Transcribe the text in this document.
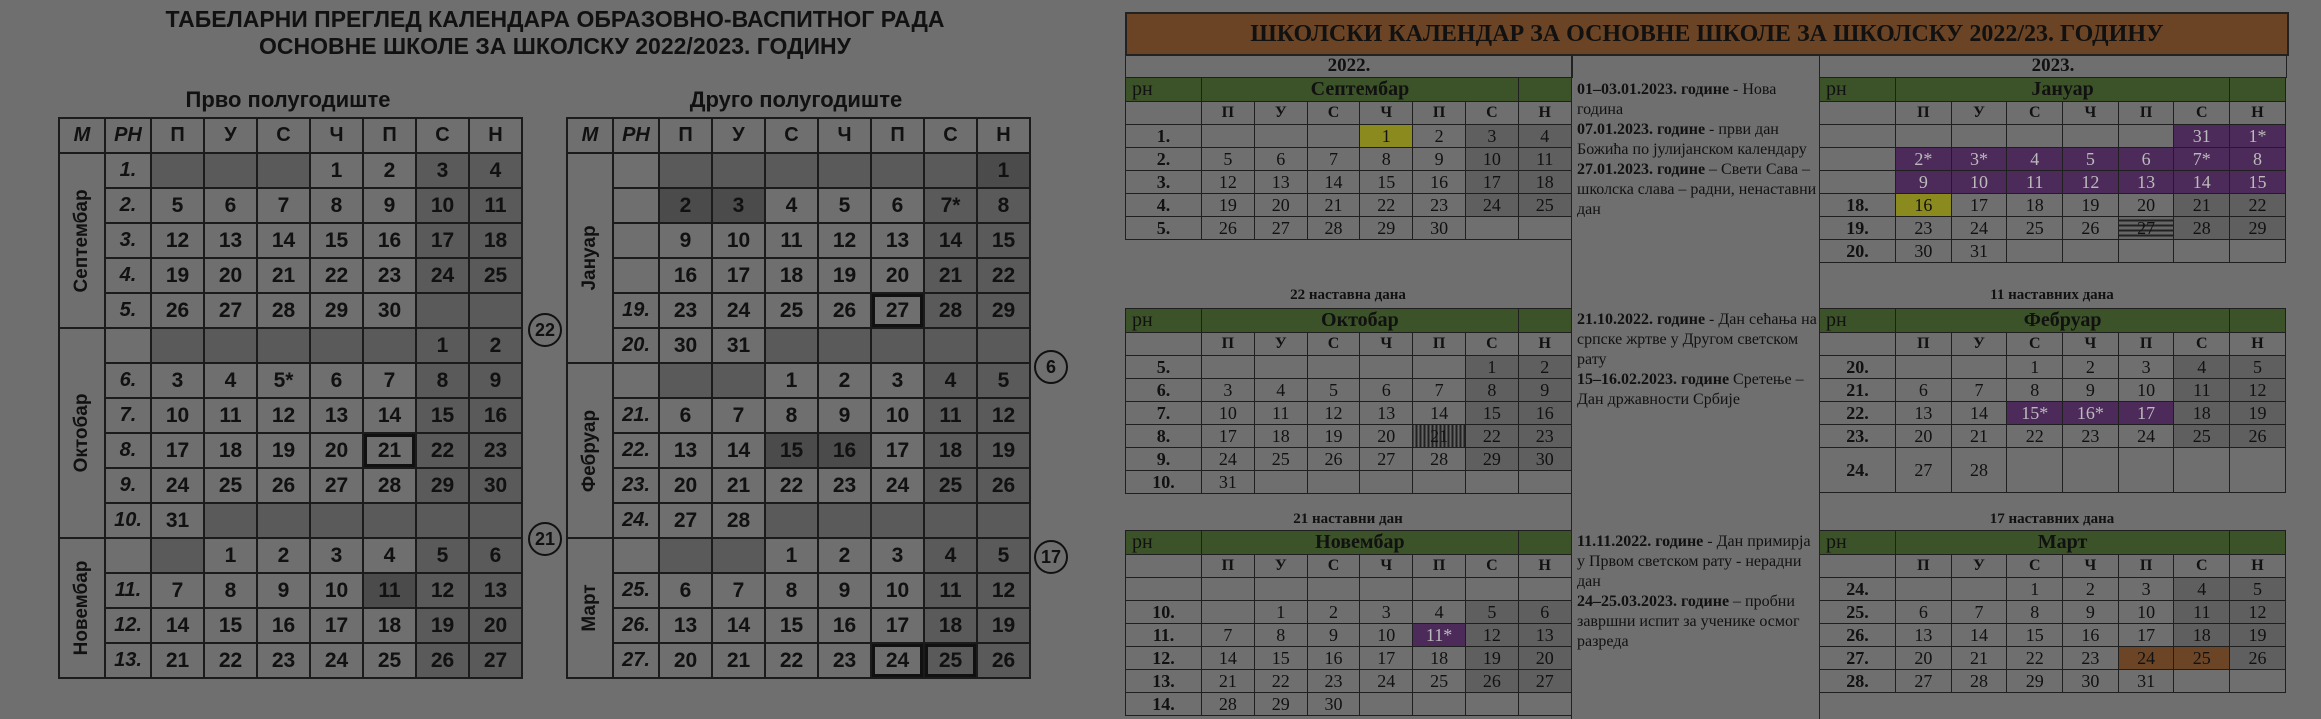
ТАБЕЛАРНИ ПРЕГЛЕД КАЛЕНДАРА ОБРАЗОВНО-ВАСПИТНОГ РАДА
ОСНОВНЕ ШКОЛЕ ЗА ШКОЛСКУ 2022/2023. ГОДИНУ
Прво полугодиште	Друго полугодиште
М	РН	П	У	С	Ч	П	С	Н

Септембар	1.				1	2	3	4
	2.	5	6	7	8	9	10	11
	3.	12	13	14	15	16	17	18
	4.	19	20	21	22	23	24	25
	5.	26	27	28	29	30		

Октобар							1	2
	6.	3	4	5*	6	7	8	9
	7.	10	11	12	13	14	15	16
	8.	17	18	19	20	21	22	23
	9.	24	25	26	27	28	29	30
	10.	31						

Новембар			1	2	3	4	5	6
	11.	7	8	9	10	11	12	13
	12.	14	15	16	17	18	19	20
	13.	21	22	23	24	25	26	27
М	РН	П	У	С	Ч	П	С	Н

Јануар								1
		2	3	4	5	6	7*	8
		9	10	11	12	13	14	15
		16	17	18	19	20	21	22
	19.	23	24	25	26	27	28	29
	20.	30	31					

Фебруар				1	2	3	4	5
	21.	6	7	8	9	10	11	12
	22.	13	14	15	16	17	18	19
	23.	20	21	22	23	24	25	26
	24.	27	28					

Март				1	2	3	4	5
	25.	6	7	8	9	10	11	12
	26.	13	14	15	16	17	18	19
	27.	20	21	22	23	24	25	26
22
21
6
17
ШКОЛСКИ КАЛЕНДАР ЗА ОСНОВНЕ ШКОЛЕ ЗА ШКОЛСКУ 2022/23. ГОДИНУ
2022.	2023.
рн	Септембар						
	П	У	С	Ч	П	С	Н
1.				1	2	3	4
2.	5	6	7	8	9	10	11
3.	12	13	14	15	16	17	18
4.	19	20	21	22	23	24	25
5.	26	27	28	29	30		
рн	Јануар						
	П	У	С	Ч	П	С	Н
						31	1*
	2*	3*	4	5	6	7*	8
	9	10	11	12	13	14	15
18.	16	17	18	19	20	21	22
19.	23	24	25	26	27	28	29
20.	30	31					
22 наставна дана	11 наставних дана
рн	Октобар						
	П	У	С	Ч	П	С	Н
5.						1	2
6.	3	4	5	6	7	8	9
7.	10	11	12	13	14	15	16
8.	17	18	19	20	21	22	23
9.	24	25	26	27	28	29	30
10.	31						
рн	Фебруар						
	П	У	С	Ч	П	С	Н
20.			1	2	3	4	5
21.	6	7	8	9	10	11	12
22.	13	14	15*	16*	17	18	19
23.	20	21	22	23	24	25	26
24.	27	28					
21 наставни дан	17 наставних дана
рн	Новембар						
	П	У	С	Ч	П	С	Н

10.		1	2	3	4	5	6
11.	7	8	9	10	11*	12	13
12.	14	15	16	17	18	19	20
13.	21	22	23	24	25	26	27
14.	28	29	30				
рн	Март						
	П	У	С	Ч	П	С	Н
24.			1	2	3	4	5
25.	6	7	8	9	10	11	12
26.	13	14	15	16	17	18	19
27.	20	21	22	23	24	25	26
28.	27	28	29	30	31		
01–03.01.2023. године - Нова година
07.01.2023. године - први дан Божића по јулијанском календару
27.01.2023. године – Свети Сава – школска слава – радни, ненаставни дан
21.10.2022. године - Дан сећања на српске жртве у Другом светском рату
15–16.02.2023. године Сретење – Дан државности Србије
11.11.2022. године - Дан примирја у Првом светском рату - нерадни дан
24–25.03.2023. године – пробни завршни испит за ученике осмог разреда
